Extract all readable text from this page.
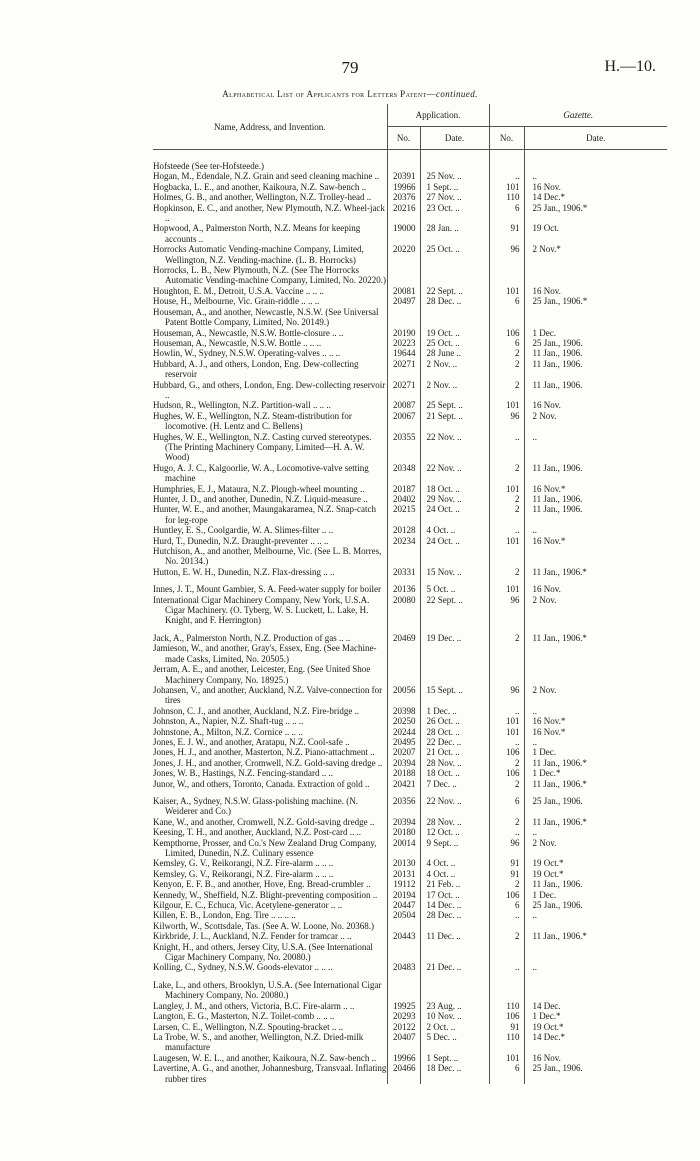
79	H.—10.
Alphabetical List of Applicants for Letters Patent—continued.
Name, Address, and Invention.	Application.		Gazette.	
	No.	Date.	No.	Date.

Hofsteede (See ter-Hofsteede.)				

Hogan, M., Edendale, N.Z. Grain and seed cleaning machine ..	20391	25 Nov. ..	..	..

Hogbacka, L. E., and another, Kaikoura, N.Z. Saw-bench ..	19966	1 Sept. ..	101	16 Nov.

Holmes, G. B., and another, Wellington, N.Z. Trolley-head ..	20376	27 Nov. ..	110	14 Dec.*

Hopkinson, E. C., and another, New Plymouth, N.Z. Wheel-jack ..	20216	23 Oct. ..	6	25 Jan., 1906.*

Hopwood, A., Palmerston North, N.Z. Means for keeping accounts ..	19000	28 Jan. ..	91	19 Oct.

Horrocks Automatic Vending-machine Company, Limited, Wellington, N.Z. Vending-machine. (L. B. Horrocks)	20220	25 Oct. ..	96	2 Nov.*

Horrocks, L. B., New Plymouth, N.Z. (See The Horrocks Automatic Vending-machine Company, Limited, No. 20220.)				

Houghton, E. M., Detroit, U.S.A. Vaccine .. .. ..	20081	22 Sept. ..	101	16 Nov.

House, H., Melbourne, Vic. Grain-riddle .. .. ..	20497	28 Dec. ..	6	25 Jan., 1906.*

Houseman, A., and another, Newcastle, N.S.W. (See Universal Patent Bottle Company, Limited, No. 20149.)				

Houseman, A., Newcastle, N.S.W. Bottle-closure .. ..	20190	19 Oct. ..	106	1 Dec.

Houseman, A., Newcastle, N.S.W. Bottle .. .. ..	20223	25 Oct. ..	6	25 Jan., 1906.

Howlin, W., Sydney, N.S.W. Operating-valves .. .. ..	19644	28 June ..	2	11 Jan., 1906.

Hubbard, A. J., and others, London, Eng. Dew-collecting reservoir	20271	2 Nov. ..	2	11 Jan., 1906.

Hubbard, G., and others, London, Eng. Dew-collecting reservoir ..	20271	2 Nov. ..	2	11 Jan., 1906.

Hudson, R., Wellington, N.Z. Partition-wall .. .. ..	20087	25 Sept. ..	101	16 Nov.

Hughes, W. E., Wellington, N.Z. Steam-distribution for locomotive. (H. Lentz and C. Bellens)	20067	21 Sept. ..	96	2 Nov.

Hughes, W. E., Wellington, N.Z. Casting curved stereotypes. (The Printing Machinery Company, Limited—H. A. W. Wood)	20355	22 Nov. ..	..	..

Hugo, A. J. C., Kalgoorlie, W. A., Locomotive-valve setting machine	20348	22 Nov. ..	2	11 Jan., 1906.

Humphries, E. J., Mataura, N.Z. Plough-wheel mounting ..	20187	18 Oct. ..	101	16 Nov.*

Hunter, J. D., and another, Dunedin, N.Z. Liquid-measure ..	20402	29 Nov. ..	2	11 Jan., 1906.

Hunter, W. E., and another, Maungakaramea, N.Z. Snap-catch for leg-rope	20215	24 Oct. ..	2	11 Jan., 1906.

Huntley, E. S., Coolgardie, W. A. Slimes-filter .. ..	20128	4 Oct. ..	..	..

Hurd, T., Dunedin, N.Z. Draught-preventer .. .. ..	20234	24 Oct. ..	101	16 Nov.*

Hutchison, A., and another, Melbourne, Vic. (See L. B. Morres, No. 20134.)				

Hutton, E. W. H., Dunedin, N.Z. Flax-dressing .. ..	20331	15 Nov. ..	2	11 Jan., 1906.*

Innes, J. T., Mount Gambier, S. A. Feed-water supply for boiler	20136	5 Oct. ..	101	16 Nov.

International Cigar Machinery Company, New York, U.S.A. Cigar Machinery. (O. Tyberg, W. S. Luckett, L. Lake, H. Knight, and F. Herrington)	20080	22 Sept. ..	96	2 Nov.

Jack, A., Palmerston North, N.Z. Production of gas .. ..	20469	19 Dec. ..	2	11 Jan., 1906.*

Jamieson, W., and another, Gray's, Essex, Eng. (See Machine-made Casks, Limited, No. 20505.)				

Jerram, A. E., and another, Leicester, Eng. (See United Shoe Machinery Company, No. 18925.)				

Johansen, V., and another, Auckland, N.Z. Valve-connection for tires	20056	15 Sept. ..	96	2 Nov.

Johnson, C. J., and another, Auckland, N.Z. Fire-bridge ..	20398	1 Dec. ..	..	..

Johnston, A., Napier, N.Z. Shaft-tug .. .. ..	20250	26 Oct. ..	101	16 Nov.*

Johnstone, A., Milton, N.Z. Cornice .. .. ..	20244	28 Oct. ..	101	16 Nov.*

Jones, E. J. W., and another, Aratapu, N.Z. Cool-safe ..	20495	22 Dec. ..	..	..

Jones, H. J., and another, Masterton, N.Z. Piano-attachment ..	20207	21 Oct. ..	106	1 Dec.

Jones, J. H., and another, Cromwell, N.Z. Gold-saving dredge ..	20394	28 Nov. ..	2	11 Jan., 1906.*

Jones, W. B., Hastings, N.Z. Fencing-standard .. ..	20188	18 Oct. ..	106	1 Dec.*

Junor, W., and others, Toronto, Canada. Extraction of gold ..	20421	7 Dec. ..	2	11 Jan., 1906.*

Kaiser, A., Sydney, N.S.W. Glass-polishing machine. (N. Weiderer and Co.)	20356	22 Nov. ..	6	25 Jan., 1906.

Kane, W., and another, Cromwell, N.Z. Gold-saving dredge ..	20394	28 Nov. ..	2	11 Jan., 1906.*

Keesing, T. H., and another, Auckland, N.Z. Post-card .. ..	20180	12 Oct. ..	..	..

Kempthorne, Prosser, and Co.'s New Zealand Drug Company, Limited, Dunedin, N.Z. Culinary essence	20014	9 Sept. ..	96	2 Nov.

Kemsley, G. V., Reikorangi, N.Z. Fire-alarm .. .. ..	20130	4 Oct. ..	91	19 Oct.*

Kemsley, G. V., Reikorangi, N.Z. Fire-alarm .. .. ..	20131	4 Oct. ..	91	19 Oct.*

Kenyon, E. F. B., and another, Hove, Eng. Bread-crumbler ..	19112	21 Feb. ..	2	11 Jan., 1906.

Kennedy, W., Sheffield, N.Z. Blight-preventing composition ..	20194	17 Oct. ..	106	1 Dec.

Kilgour, E. C., Echuca, Vic. Acetylene-generator .. ..	20447	14 Dec. ..	6	25 Jan., 1906.

Killen, E. B., London, Eng. Tire .. .. .. ..	20504	28 Dec. ..	..	..

Kilworth, W., Scottsdale, Tas. (See A. W. Loone, No. 20368.)				

Kirkbride, J. L., Auckland, N.Z. Fender for tramcar .. ..	20443	11 Dec. ..	2	11 Jan., 1906.*

Knight, H., and others, Jersey City, U.S.A. (See International Cigar Machinery Company, No. 20080.)				

Kolling, C., Sydney, N.S.W. Goods-elevator .. .. ..	20483	21 Dec. ..	..	..

Lake, L., and others, Brooklyn, U.S.A. (See International Cigar Machinery Company, No. 20080.)				

Langley, J. M., and others, Victoria, B.C. Fire-alarm .. ..	19925	23 Aug. ..	110	14 Dec.

Langton, E. G., Masterton, N.Z. Toilet-comb .. .. ..	20293	10 Nov. ..	106	1 Dec.*

Larsen, C. E., Wellington, N.Z. Spouting-bracket .. ..	20122	2 Oct. ..	91	19 Oct.*

La Trobe, W. S., and another, Wellington, N.Z. Dried-milk manufacture	20407	5 Dec. ..	110	14 Dec.*

Laugesen, W. E. L., and another, Kaikoura, N.Z. Saw-bench ..	19966	1 Sept. ..	101	16 Nov.

Lavertine, A. G., and another, Johannesburg, Transvaal. Inflating rubber tires	20466	18 Dec. ..	6	25 Jan., 1906.
